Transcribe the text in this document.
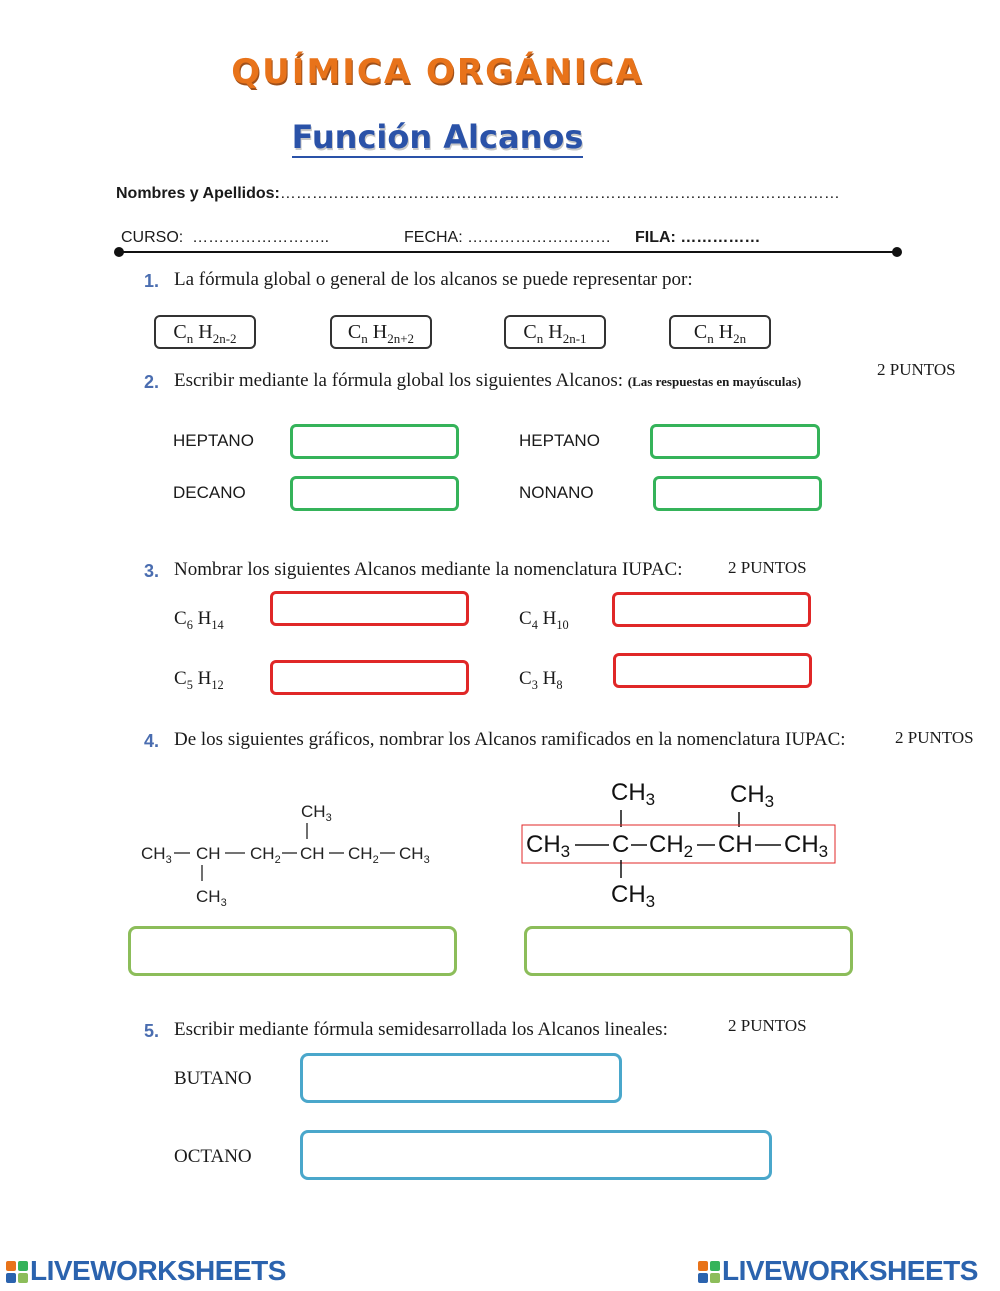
QUÍMICA ORGÁNICA
Función Alcanos
Nombres y Apellidos:……………………………………………………………………………………………
CURSO: ……………………..	FECHA: ……………………… FILA: ……………
1. La fórmula global o general de los alcanos se puede representar por:
$C_n$ $H_{2n-2}$	$C_n$ $H_{2n+2}$	$C_n$ $H_{2n-1}$	$C_n$ $H_{2n}$
2 PUNTOS
2. Escribir mediante la fórmula global los siguientes Alcanos: (Las respuestas en mayúsculas)
HEPTANO	HEPTANO
DECANO	NONANO
3. Nombrar los siguientes Alcanos mediante la nomenclatura IUPAC:	2 PUNTOS
$C_6$ $H_{14}$	$C_4$ $H_{10}$
$C_5$ $H_{12}$	$C_3$ $H_8$
4. De los siguientes gráficos, nombrar los Alcanos ramificados en la nomenclatura IUPAC:	2 PUNTOS
$CH_3$
$CH_3$ CH $CH_2$ CH $CH_2$ $CH_3$
$CH_3$
$CH_3$	$CH_3$
$CH_3$ C $CH_2$ CH $CH_3$
$CH_3$
5. Escribir mediante fórmula semidesarrollada los Alcanos lineales:	2 PUNTOS
BUTANO
OCTANO
LIVEWORKSHEETS	LIVEWORKSHEETS
